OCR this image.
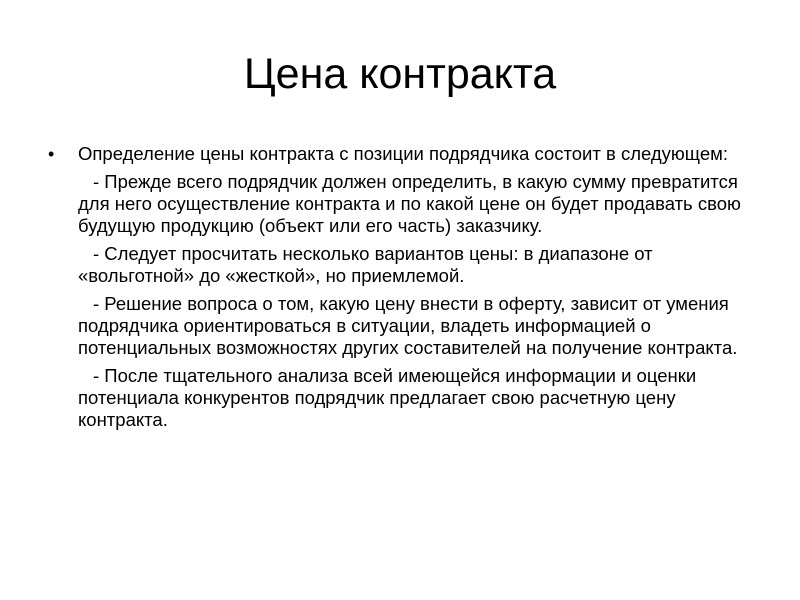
Цена контракта
•	Определение цены контракта с позиции подрядчика состоит в следующем:

- Прежде всего подрядчик должен определить, в какую сумму превратится для него осуществление контракта и по какой цене он будет продавать свою будущую продукцию (объект или его часть) заказчику.

- Следует просчитать несколько вариантов цены: в диапазоне от «вольготной» до «жесткой», но приемлемой.

- Решение вопроса о том, какую цену внести в оферту, зависит от умения подрядчика ориентироваться в ситуации, владеть информацией о потенциальных возможностях других составителей на получение контракта.

- После тщательного анализа всей имеющейся информации и оценки потенциала конкурентов подрядчик предлагает свою расчетную цену контракта.
